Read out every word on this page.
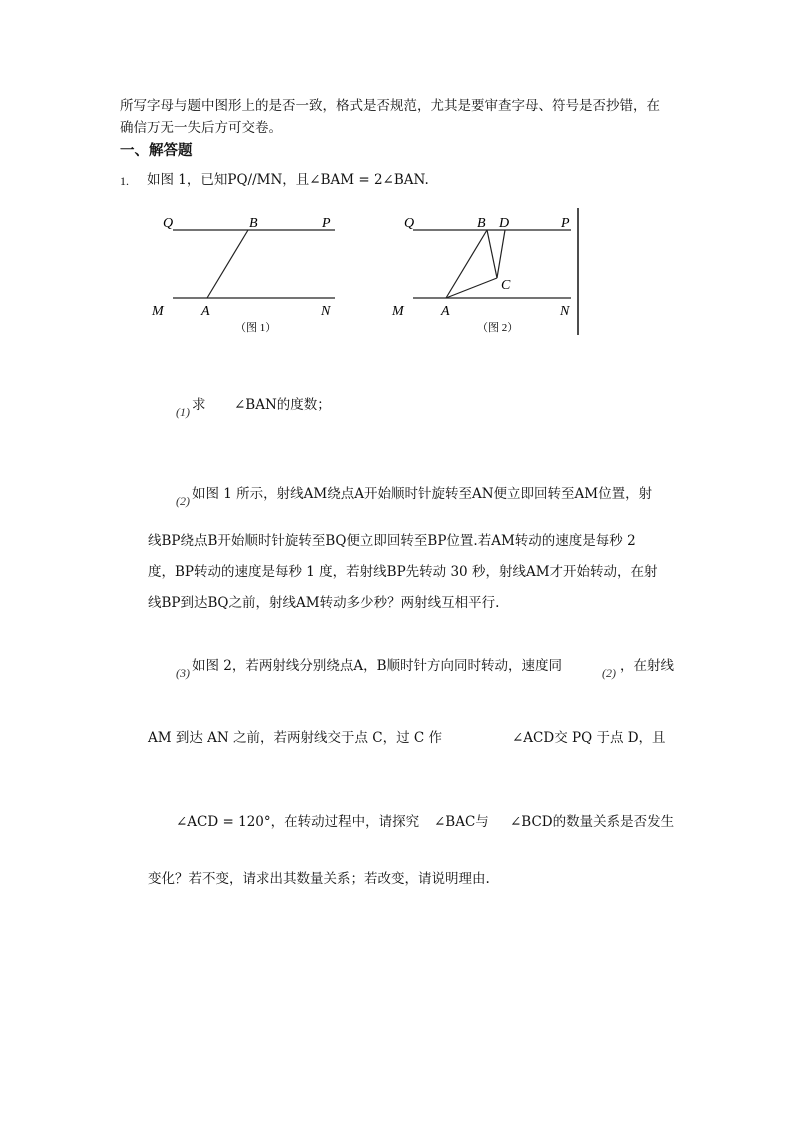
所写字母与题中图形上的是否一致，格式是否规范，尤其是要审查字母、符号是否抄错，在
确信万无一失后方可交卷。
一、解答题
1. 如图 1，已知PQ//MN，且∠BAM = 2∠BAN.
Q	B	P
M	A	N
（图 1）
Q	B D	P
C
M	A	N
（图 2）
(1) 求 ∠BAN的度数；
(2) 如图 1 所示，射线AM绕点A开始顺时针旋转至AN便立即回转至AM位置，射
线BP绕点B开始顺时针旋转至BQ便立即回转至BP位置.若AM转动的速度是每秒 2
度，BP转动的速度是每秒 1 度，若射线BP先转动 30 秒，射线AM才开始转动，在射
线BP到达BQ之前，射线AM转动多少秒？两射线互相平行.
(3) 如图 2，若两射线分别绕点A，B顺时针方向同时转动，速度同	(2) ，在射线
AM 到达 AN 之前，若两射线交于点 C，过 C 作	∠ACD交 PQ 于点 D，且
∠ACD = 120°，在转动过程中，请探究 ∠BAC与 ∠BCD的数量关系是否发生
变化？若不变，请求出其数量关系；若改变，请说明理由.
